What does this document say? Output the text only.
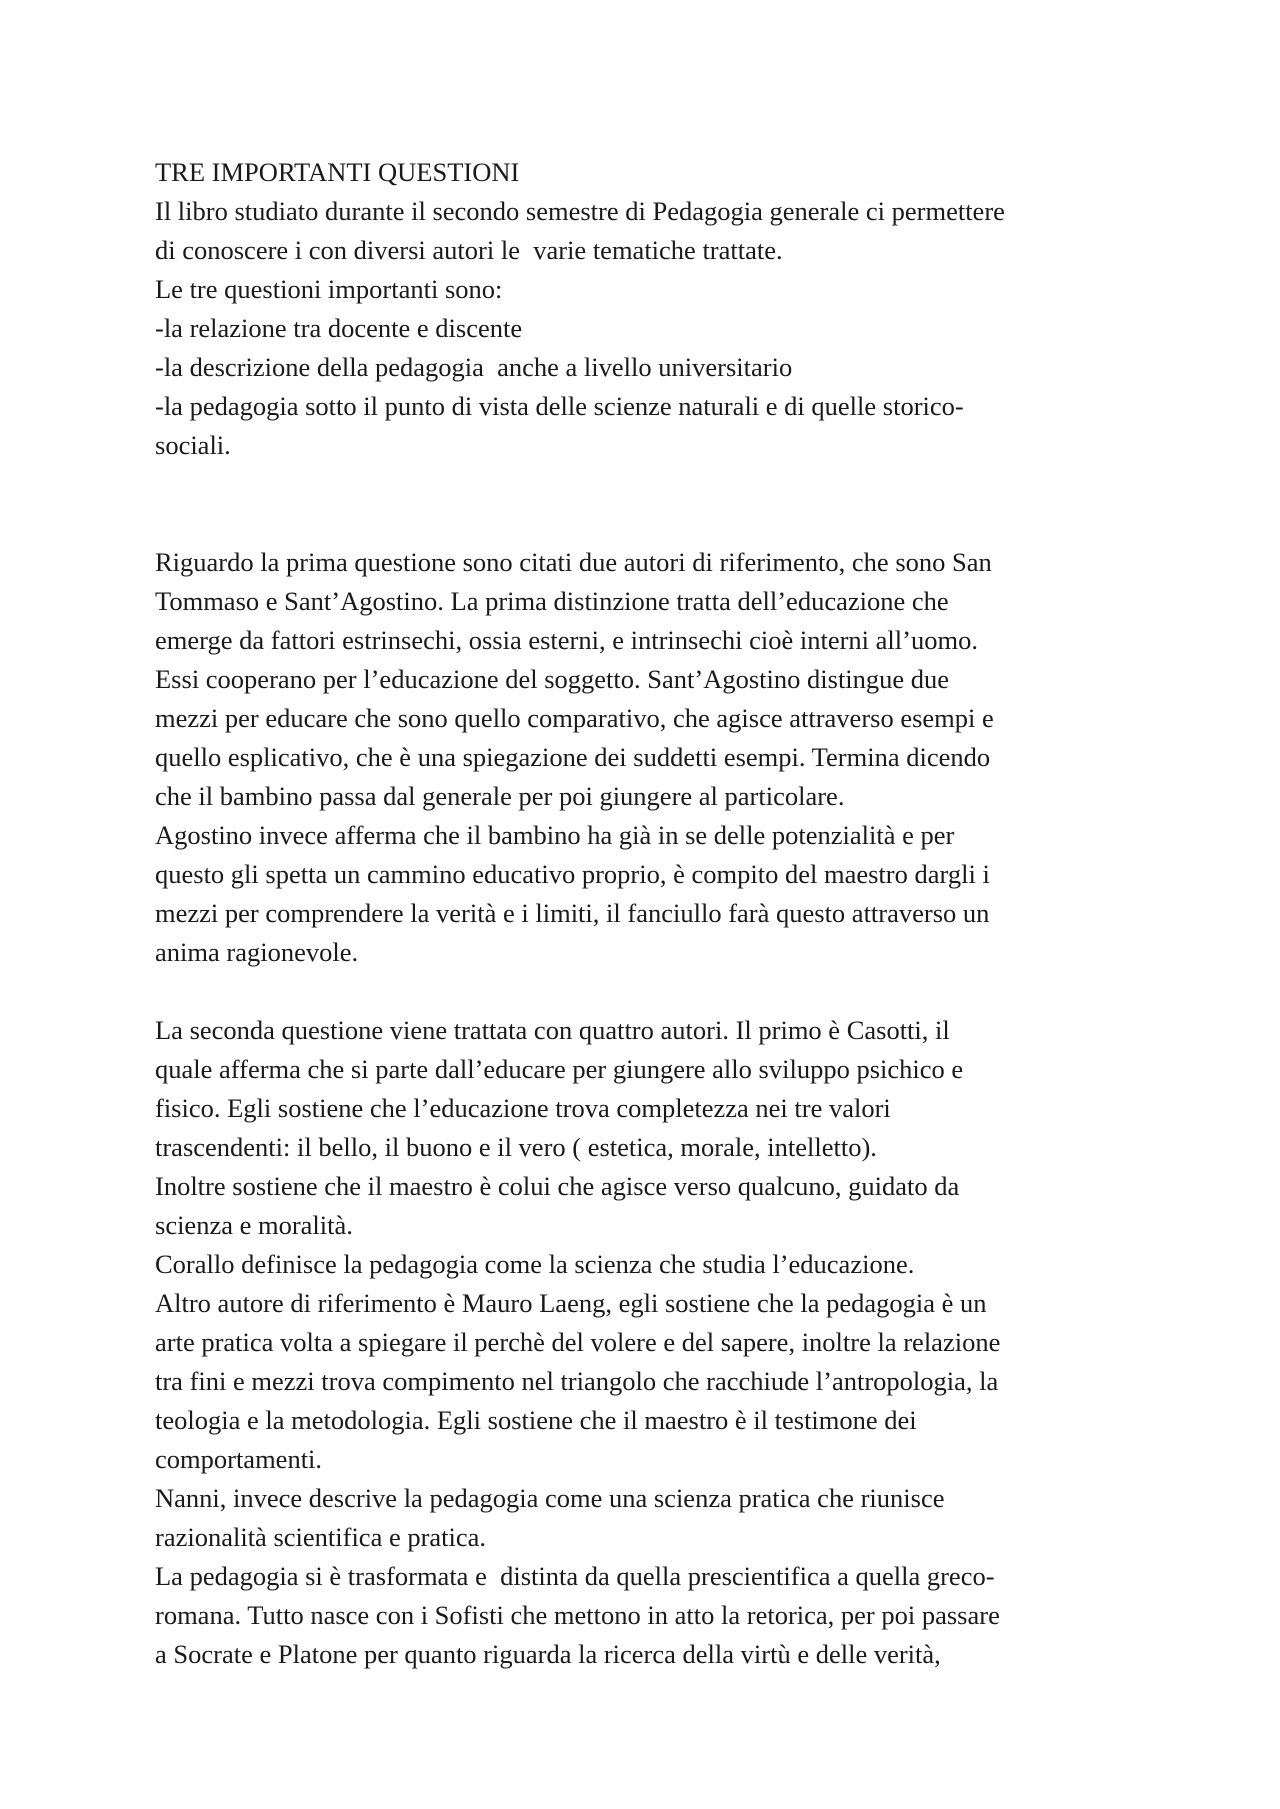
TRE IMPORTANTI QUESTIONI
Il libro studiato durante il secondo semestre di Pedagogia generale ci permettere
di conoscere i con diversi autori le  varie tematiche trattate.
Le tre questioni importanti sono:
-la relazione tra docente e discente
-la descrizione della pedagogia  anche a livello universitario
-la pedagogia sotto il punto di vista delle scienze naturali e di quelle storico-
sociali.
Riguardo la prima questione sono citati due autori di riferimento, che sono San
Tommaso e Sant’Agostino. La prima distinzione tratta dell’educazione che
emerge da fattori estrinsechi, ossia esterni, e intrinsechi cioè interni all’uomo.
Essi cooperano per l’educazione del soggetto. Sant’Agostino distingue due
mezzi per educare che sono quello comparativo, che agisce attraverso esempi e
quello esplicativo, che è una spiegazione dei suddetti esempi. Termina dicendo
che il bambino passa dal generale per poi giungere al particolare.
Agostino invece afferma che il bambino ha già in se delle potenzialità e per
questo gli spetta un cammino educativo proprio, è compito del maestro dargli i
mezzi per comprendere la verità e i limiti, il fanciullo farà questo attraverso un
anima ragionevole.
La seconda questione viene trattata con quattro autori. Il primo è Casotti, il
quale afferma che si parte dall’educare per giungere allo sviluppo psichico e
fisico. Egli sostiene che l’educazione trova completezza nei tre valori
trascendenti: il bello, il buono e il vero ( estetica, morale, intelletto).
Inoltre sostiene che il maestro è colui che agisce verso qualcuno, guidato da
scienza e moralità.
Corallo definisce la pedagogia come la scienza che studia l’educazione.
Altro autore di riferimento è Mauro Laeng, egli sostiene che la pedagogia è un
arte pratica volta a spiegare il perchè del volere e del sapere, inoltre la relazione
tra fini e mezzi trova compimento nel triangolo che racchiude l’antropologia, la
teologia e la metodologia. Egli sostiene che il maestro è il testimone dei
comportamenti.
Nanni, invece descrive la pedagogia come una scienza pratica che riunisce
razionalità scientifica e pratica.
La pedagogia si è trasformata e  distinta da quella prescientifica a quella greco-
romana. Tutto nasce con i Sofisti che mettono in atto la retorica, per poi passare
a Socrate e Platone per quanto riguarda la ricerca della virtù e delle verità,
